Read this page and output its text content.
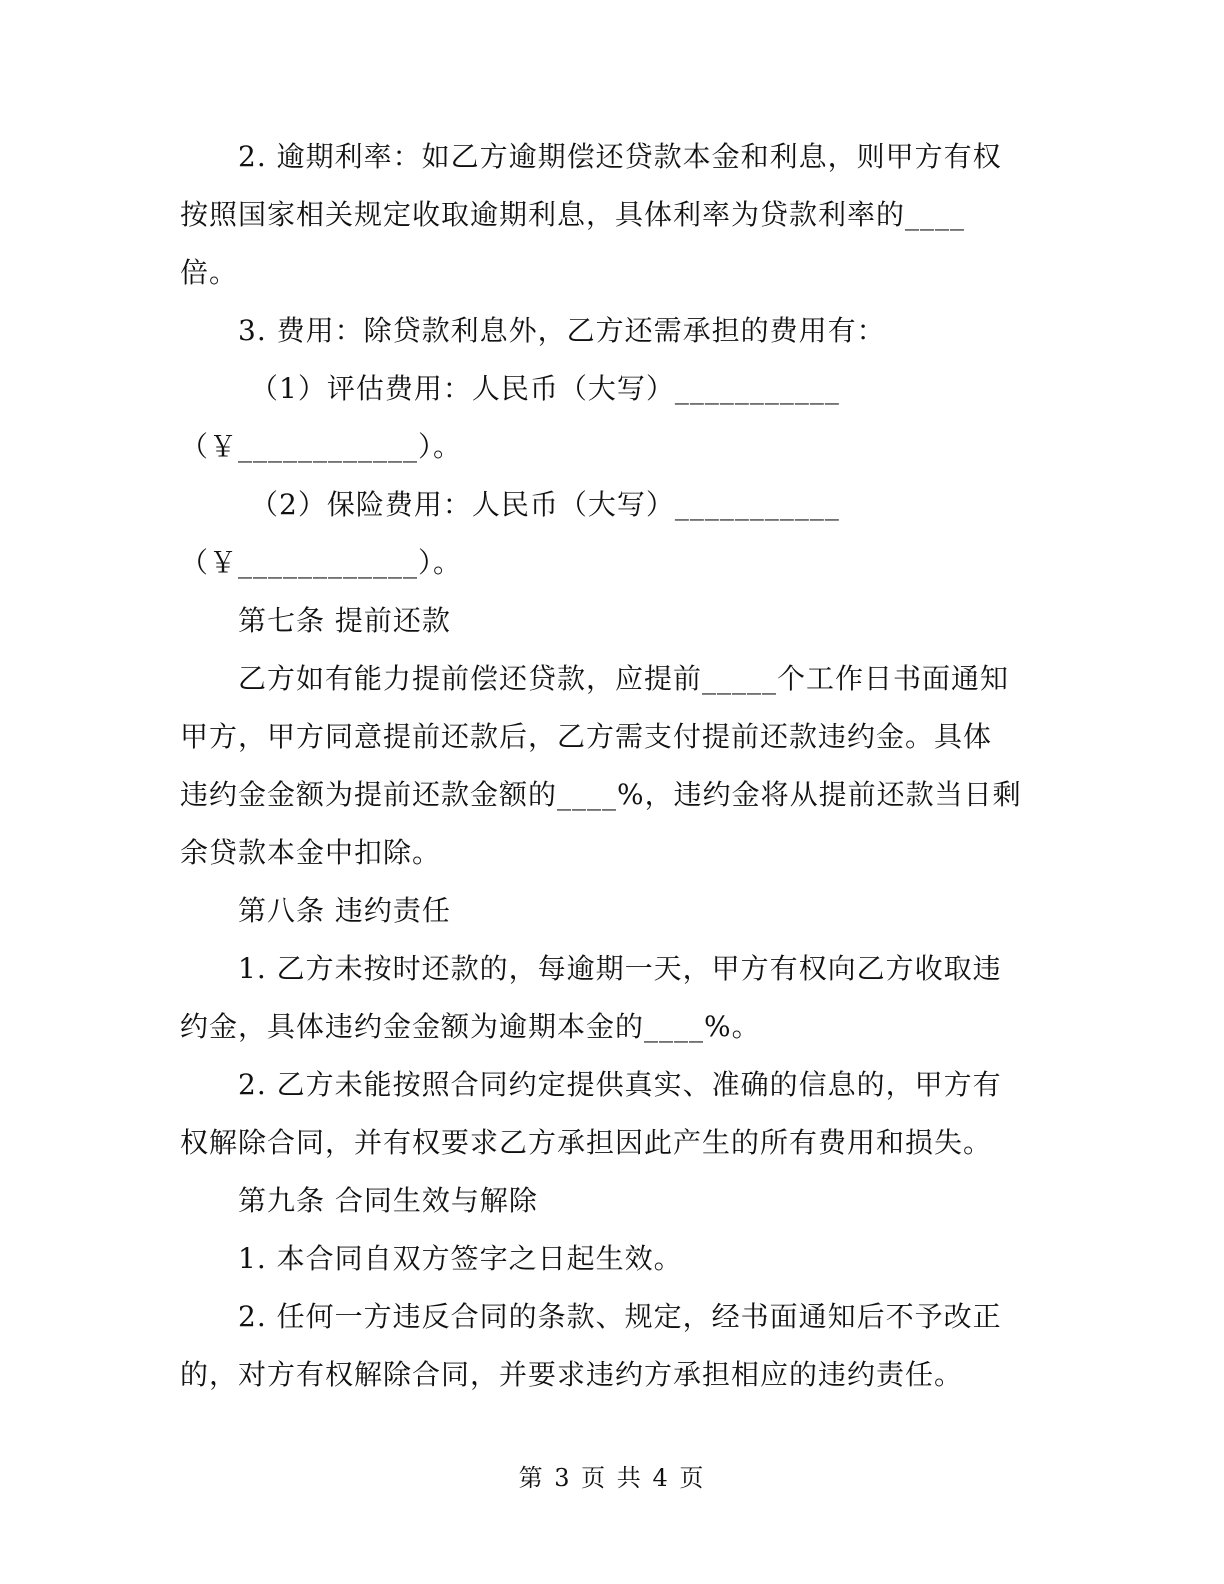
2. 逾期利率：如乙方逾期偿还贷款本金和利息，则甲方有权
按照国家相关规定收取逾期利息，具体利率为贷款利率的____
倍。
3. 费用：除贷款利息外，乙方还需承担的费用有：
（1）评估费用：人民币（大写）___________
（￥____________）。
（2）保险费用：人民币（大写）___________
（￥____________）。
第七条 提前还款
乙方如有能力提前偿还贷款，应提前_____个工作日书面通知
甲方，甲方同意提前还款后，乙方需支付提前还款违约金。具体
违约金金额为提前还款金额的____%，违约金将从提前还款当日剩
余贷款本金中扣除。
第八条 违约责任
1. 乙方未按时还款的，每逾期一天，甲方有权向乙方收取违
约金，具体违约金金额为逾期本金的____%。
2. 乙方未能按照合同约定提供真实、准确的信息的，甲方有
权解除合同，并有权要求乙方承担因此产生的所有费用和损失。
第九条 合同生效与解除
1. 本合同自双方签字之日起生效。
2. 任何一方违反合同的条款、规定，经书面通知后不予改正
的，对方有权解除合同，并要求违约方承担相应的违约责任。
第 3 页 共 4 页
